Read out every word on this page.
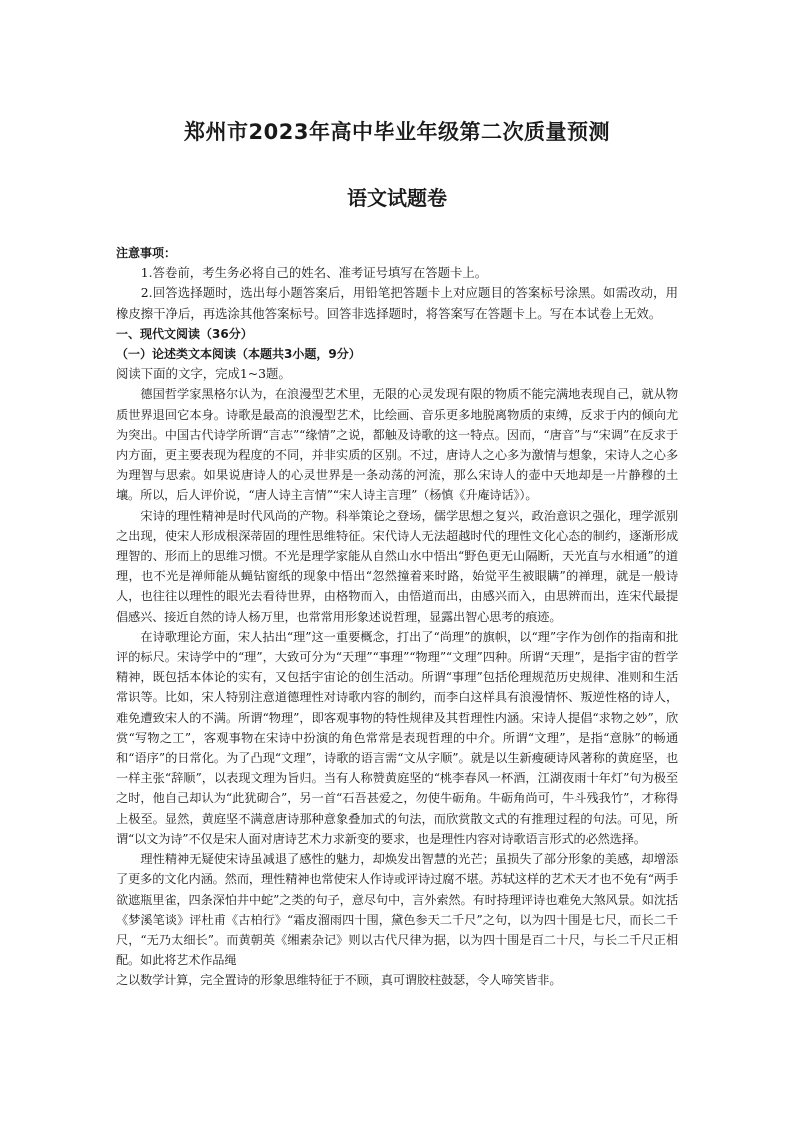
郑州市2023年高中毕业年级第二次质量预测
语文试题卷

注意事项：

1.答卷前，考生务必将自己的姓名、准考证号填写在答题卡上。

2.回答选择题时，选出每小题答案后，用铅笔把答题卡上对应题目的答案标号涂黑。如需改动，用橡皮擦干净后，再选涂其他答案标号。回答非选择题时，将答案写在答题卡上。写在本试卷上无效。

一、现代文阅读（36分）

（一）论述类文本阅读（本题共3小题，9分）

阅读下面的文字，完成1~3题。

德国哲学家黑格尔认为，在浪漫型艺术里，无限的心灵发现有限的物质不能完满地表现自己，就从物质世界退回它本身。诗歌是最高的浪漫型艺术，比绘画、音乐更多地脱离物质的束缚，反求于内的倾向尤为突出。中国古代诗学所谓“言志”“缘情”之说，都触及诗歌的这一特点。因而，“唐音”与“宋调”在反求于内方面，更主要表现为程度的不同，并非实质的区别。不过，唐诗人之心多为激情与想象，宋诗人之心多为理智与思索。如果说唐诗人的心灵世界是一条动荡的河流，那么宋诗人的壶中天地却是一片静穆的土壤。所以，后人评价说，“唐人诗主言情”“宋人诗主言理”（杨慎《升庵诗话》）。

宋诗的理性精神是时代风尚的产物。科举策论之登场，儒学思想之复兴，政治意识之强化，理学派别之出现，使宋人形成根深蒂固的理性思维特征。宋代诗人无法超越时代的理性文化心态的制约，逐渐形成理智的、形而上的思维习惯。不光是理学家能从自然山水中悟出“野色更无山隔断，天光直与水相通”的道理，也不光是禅师能从蝇钻窗纸的现象中悟出“忽然撞着来时路，始觉平生被眼瞒”的禅理，就是一般诗人，也往往以理性的眼光去看待世界，由格物而入，由悟道而出，由感兴而入，由思辨而出，连宋代最提倡感兴、接近自然的诗人杨万里，也常常用形象述说哲理，显露出智心思考的痕迹。

在诗歌理论方面，宋人拈出“理”这一重要概念，打出了“尚理”的旗帜，以“理”字作为创作的指南和批评的标尺。宋诗学中的“理”，大致可分为“天理”“事理”“物理”“文理”四种。所谓“天理”，是指宇宙的哲学精神，既包括本体论的实有，又包括宇宙论的创生活动。所谓“事理”包括伦理规范历史规律、准则和生活常识等。比如，宋人特别注意道德理性对诗歌内容的制约，而李白这样具有浪漫情怀、叛逆性格的诗人，难免遭致宋人的不满。所谓“物理”，即客观事物的特性规律及其哲理性内涵。宋诗人提倡“求物之妙”，欣赏“写物之工”，客观事物在宋诗中扮演的角色常常是表现哲理的中介。所谓“文理”，是指“意脉”的畅通和“语序”的日常化。为了凸现“文理”，诗歌的语言需“文从字顺”。就是以生新瘦硬诗风著称的黄庭坚，也一样主张“辞顺”，以表现文理为旨归。当有人称赞黄庭坚的“桃李春风一杯酒，江湖夜雨十年灯”句为极至之时，他自己却认为“此犹砌合”，另一首“石吾甚爱之，勿使牛砺角。牛砺角尚可，牛斗残我竹”，才称得上极至。显然，黄庭坚不满意唐诗那种意象叠加式的句法，而欣赏散文式的有推理过程的句法。可见，所谓“以文为诗”不仅是宋人面对唐诗艺术力求新变的要求，也是理性内容对诗歌语言形式的必然选择。

理性精神无疑使宋诗虽减退了感性的魅力，却焕发出智慧的光芒；虽损失了部分形象的美感，却增添了更多的文化内涵。然而，理性精神也常使宋人作诗或评诗过腐不堪。苏轼这样的艺术天才也不免有“两手欲遮瓶里雀，四条深怕井中蛇”之类的句子，意尽句中，言外索然。有时持理评诗也难免大煞风景。如沈括《梦溪笔谈》评杜甫《古柏行》“霜皮溜雨四十围，黛色参天二千尺”之句，以为四十围是七尺，而长二千尺，“无乃太细长”。而黄朝英《缃素杂记》则以古代尺律为据，以为四十围是百二十尺，与长二千尺正相配。如此将艺术作品绳

之以数学计算，完全置诗的形象思维特征于不顾，真可谓胶柱鼓瑟，令人啼笑皆非。
